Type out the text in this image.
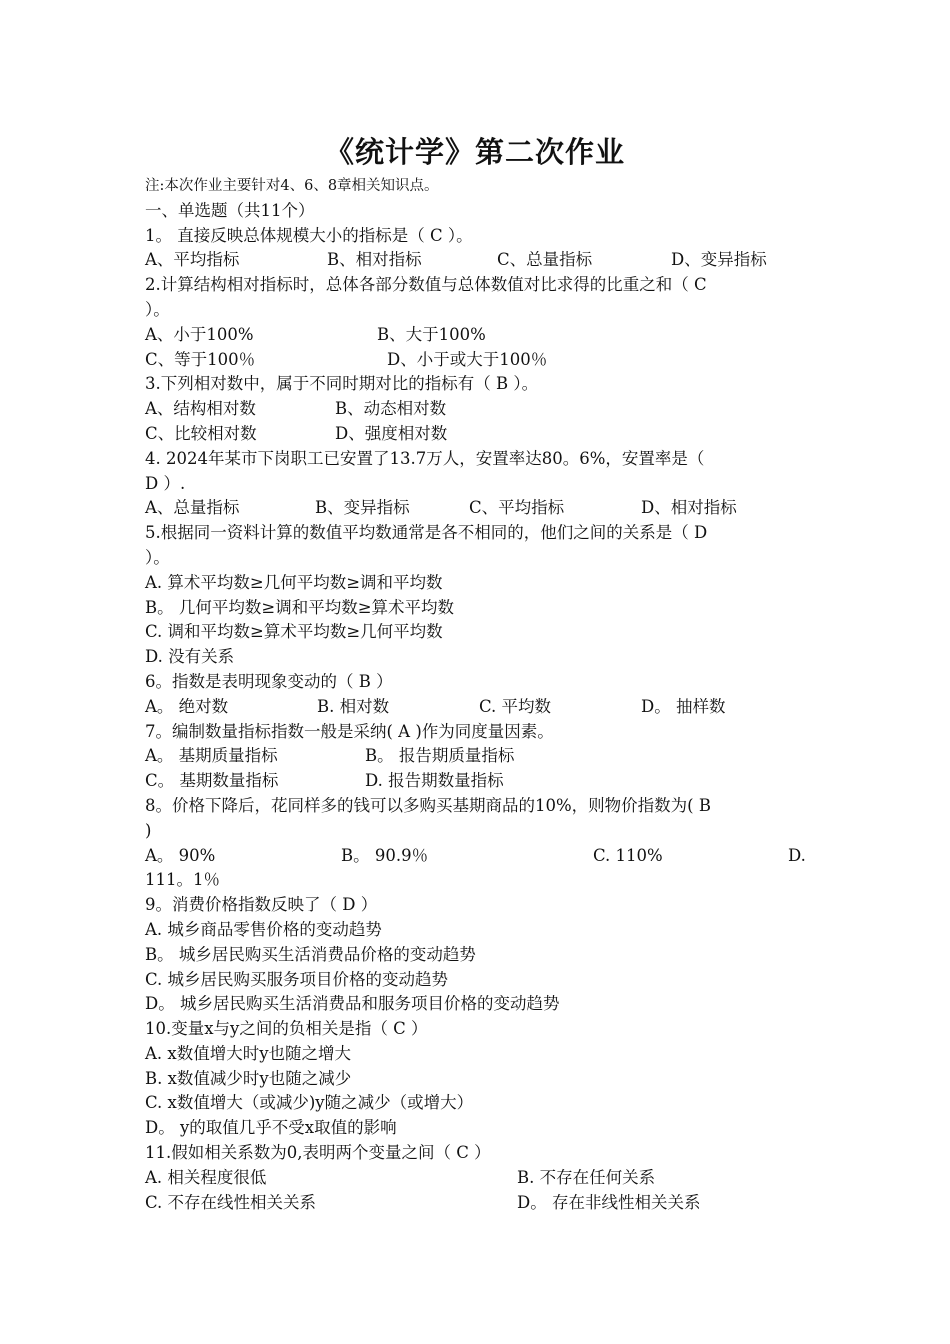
《统计学》第二次作业
注:本次作业主要针对4、6、8章相关知识点。
一、单选题（共11个）
1。 直接反映总体规模大小的指标是（ C ）。
A、平均指标	B、相对指标	C、总量指标	D、变异指标
2.计算结构相对指标时，总体各部分数值与总体数值对比求得的比重之和（ C
）。
A、小于100%	B、大于100%
C、等于100％	D、小于或大于100％
3.下列相对数中，属于不同时期对比的指标有（ B ）。
A、结构相对数	B、动态相对数
C、比较相对数	D、强度相对数
4. 2024年某市下岗职工已安置了13.7万人，安置率达80。6%，安置率是（
D ）.
A、总量指标	B、变异指标	C、平均指标	D、相对指标
5.根据同一资料计算的数值平均数通常是各不相同的，他们之间的关系是（ D
）。
A. 算术平均数≥几何平均数≥调和平均数
B。 几何平均数≥调和平均数≥算术平均数
C. 调和平均数≥算术平均数≥几何平均数
D. 没有关系
6。指数是表明现象变动的（ B ）
A。 绝对数	B. 相对数	C. 平均数	D。 抽样数
7。编制数量指标指数一般是采纳( A )作为同度量因素。
A。 基期质量指标	B。 报告期质量指标
C。 基期数量指标	D. 报告期数量指标
8。价格下降后，花同样多的钱可以多购买基期商品的10%，则物价指数为( B
)
A。 90%	B。 90.9％	C. 110%	D.
111。1％
9。消费价格指数反映了（ D ）
A. 城乡商品零售价格的变动趋势
B。 城乡居民购买生活消费品价格的变动趋势
C. 城乡居民购买服务项目价格的变动趋势
D。 城乡居民购买生活消费品和服务项目价格的变动趋势
10.变量x与y之间的负相关是指（ C ）
A. x数值增大时y也随之增大
B. x数值减少时y也随之减少
C. x数值增大（或减少)y随之减少（或增大）
D。 y的取值几乎不受x取值的影响
11.假如相关系数为0,表明两个变量之间（ C ）
A. 相关程度很低	B. 不存在任何关系
C. 不存在线性相关关系	D。 存在非线性相关关系
